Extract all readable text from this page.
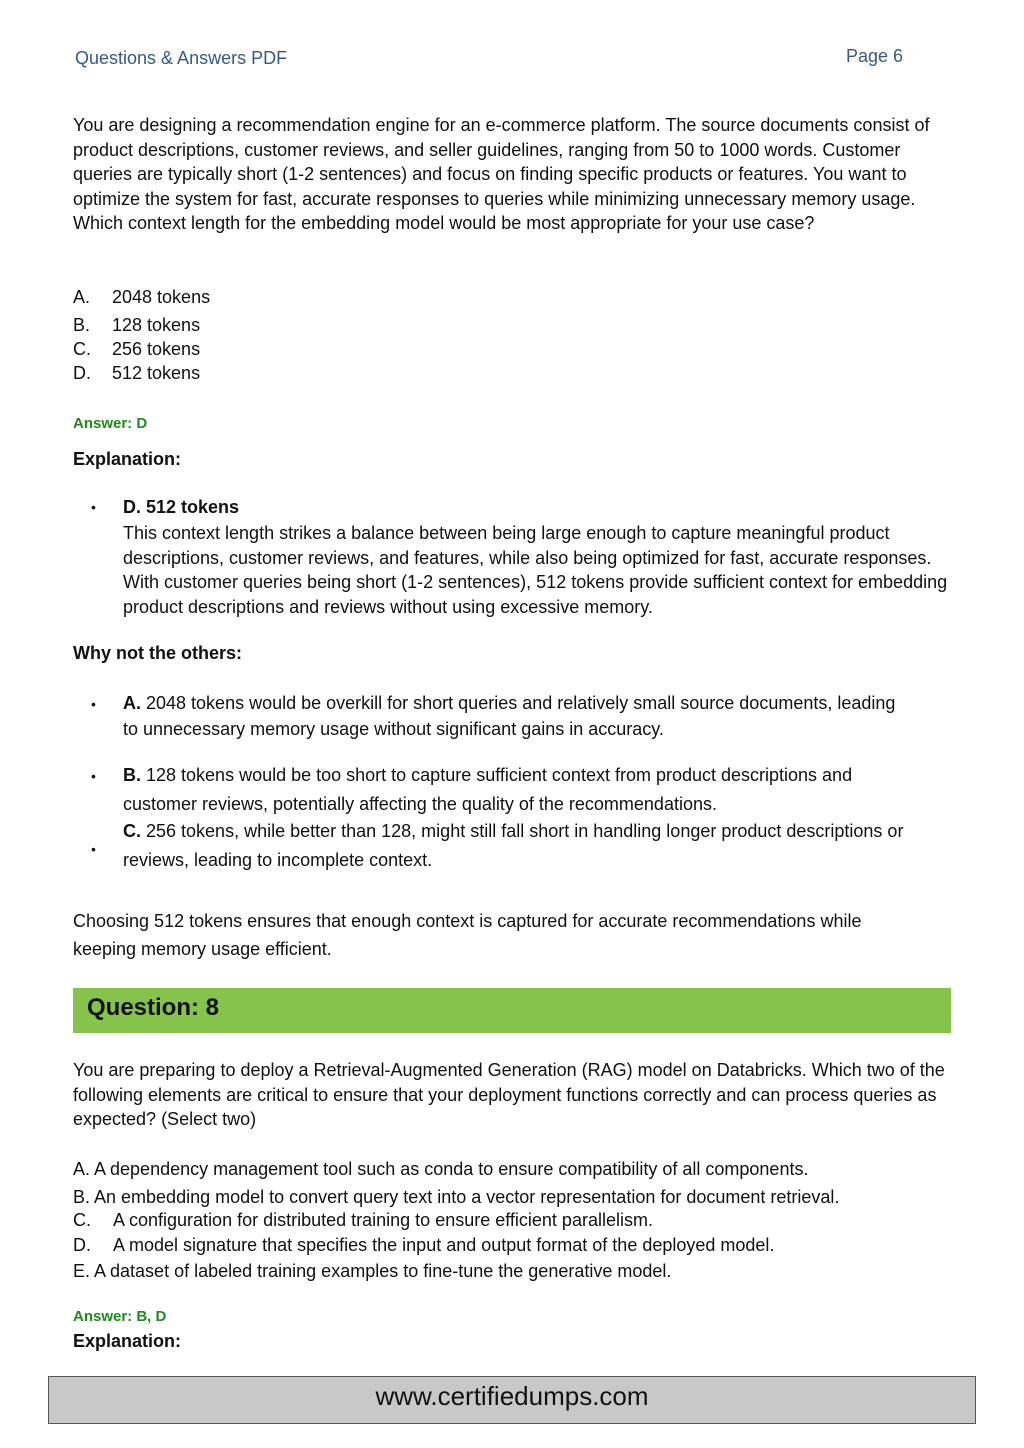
Questions & Answers PDF	Page 6
You are designing a recommendation engine for an e-commerce platform. The source documents consist of product descriptions, customer reviews, and seller guidelines, ranging from 50 to 1000 words. Customer queries are typically short (1-2 sentences) and focus on finding specific products or features. You want to optimize the system for fast, accurate responses to queries while minimizing unnecessary memory usage. Which context length for the embedding model would be most appropriate for your use case?
A. 2048 tokens
B. 128 tokens
C. 256 tokens
D. 512 tokens
Answer: D
Explanation:
• D. 512 tokens
This context length strikes a balance between being large enough to capture meaningful product descriptions, customer reviews, and features, while also being optimized for fast, accurate responses. With customer queries being short (1-2 sentences), 512 tokens provide sufficient context for embedding product descriptions and reviews without using excessive memory.
Why not the others:
• A. 2048 tokens would be overkill for short queries and relatively small source documents, leading
to unnecessary memory usage without significant gains in accuracy.
• B. 128 tokens would be too short to capture sufficient context from product descriptions and
customer reviews, potentially affecting the quality of the recommendations.
•
C. 256 tokens, while better than 128, might still fall short in handling longer product descriptions or
reviews, leading to incomplete context.
Choosing 512 tokens ensures that enough context is captured for accurate recommendations while
keeping memory usage efficient.
Question: 8
You are preparing to deploy a Retrieval-Augmented Generation (RAG) model on Databricks. Which two of the following elements are critical to ensure that your deployment functions correctly and can process queries as expected? (Select two)
A. A dependency management tool such as conda to ensure compatibility of all components.
B. An embedding model to convert query text into a vector representation for document retrieval.
C. A configuration for distributed training to ensure efficient parallelism.
D. A model signature that specifies the input and output format of the deployed model.
E. A dataset of labeled training examples to fine-tune the generative model.
Answer: B, D
Explanation:
www.certifiedumps.com
